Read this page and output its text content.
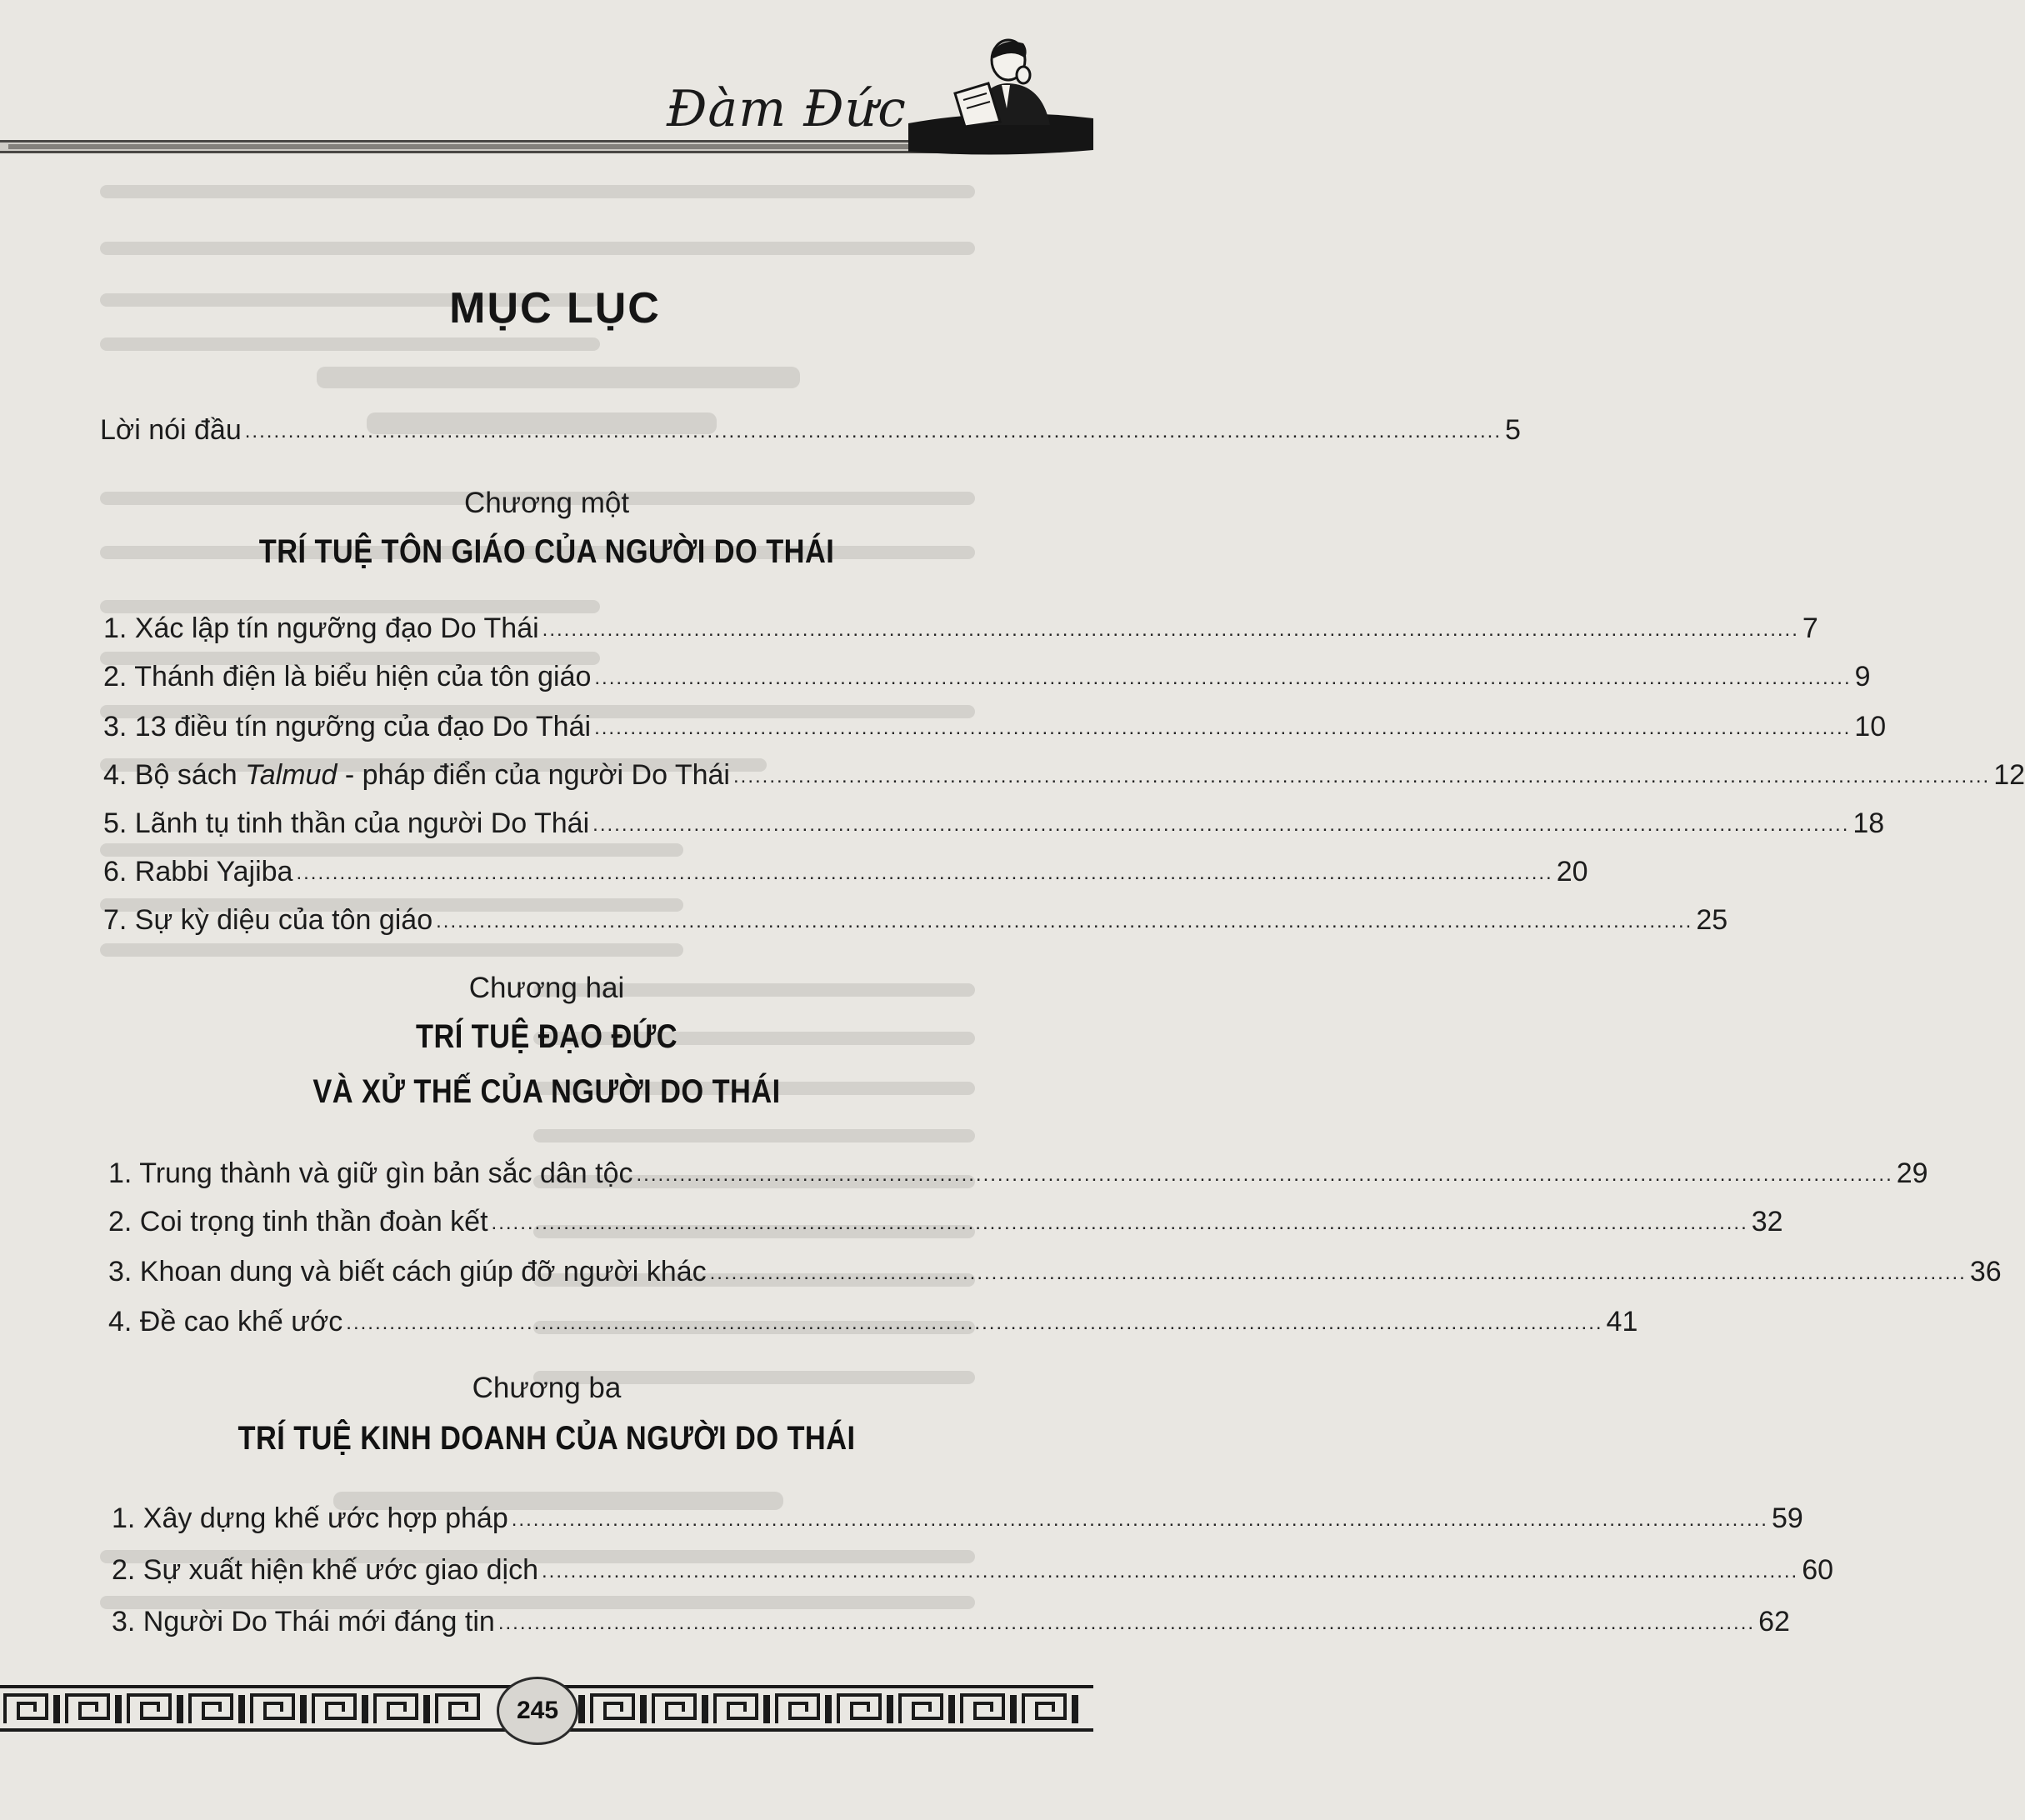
Đàm Đức
MỤC LỤC
Lời nói đầu .............................................................................................................................................................................. 5
Chương một
TRÍ TUỆ TÔN GIÁO CỦA NGƯỜI DO THÁI
1. Xác lập tín ngưỡng đạo Do Thái .............................................................................................................................................................................. 7
2. Thánh điện là biểu hiện của tôn giáo .............................................................................................................................................................................. 9
3. 13 điều tín ngưỡng của đạo Do Thái .............................................................................................................................................................................. 10
4. Bộ sách Talmud - pháp điển của người Do Thái .............................................................................................................................................................................. 12
5. Lãnh tụ tinh thần của người Do Thái .............................................................................................................................................................................. 18
6. Rabbi Yajiba .............................................................................................................................................................................. 20
7. Sự kỳ diệu của tôn giáo .............................................................................................................................................................................. 25
Chương hai
TRÍ TUỆ ĐẠO ĐỨC
VÀ XỬ THẾ CỦA NGƯỜI DO THÁI
1. Trung thành và giữ gìn bản sắc dân tộc .............................................................................................................................................................................. 29
2. Coi trọng tinh thần đoàn kết .............................................................................................................................................................................. 32
3. Khoan dung và biết cách giúp đỡ người khác .............................................................................................................................................................................. 36
4. Đề cao khế ước .............................................................................................................................................................................. 41
Chương ba
TRÍ TUỆ KINH DOANH CỦA NGƯỜI DO THÁI
1. Xây dựng khế ước hợp pháp .............................................................................................................................................................................. 59
2. Sự xuất hiện khế ước giao dịch .............................................................................................................................................................................. 60
3. Người Do Thái mới đáng tin .............................................................................................................................................................................. 62
245
